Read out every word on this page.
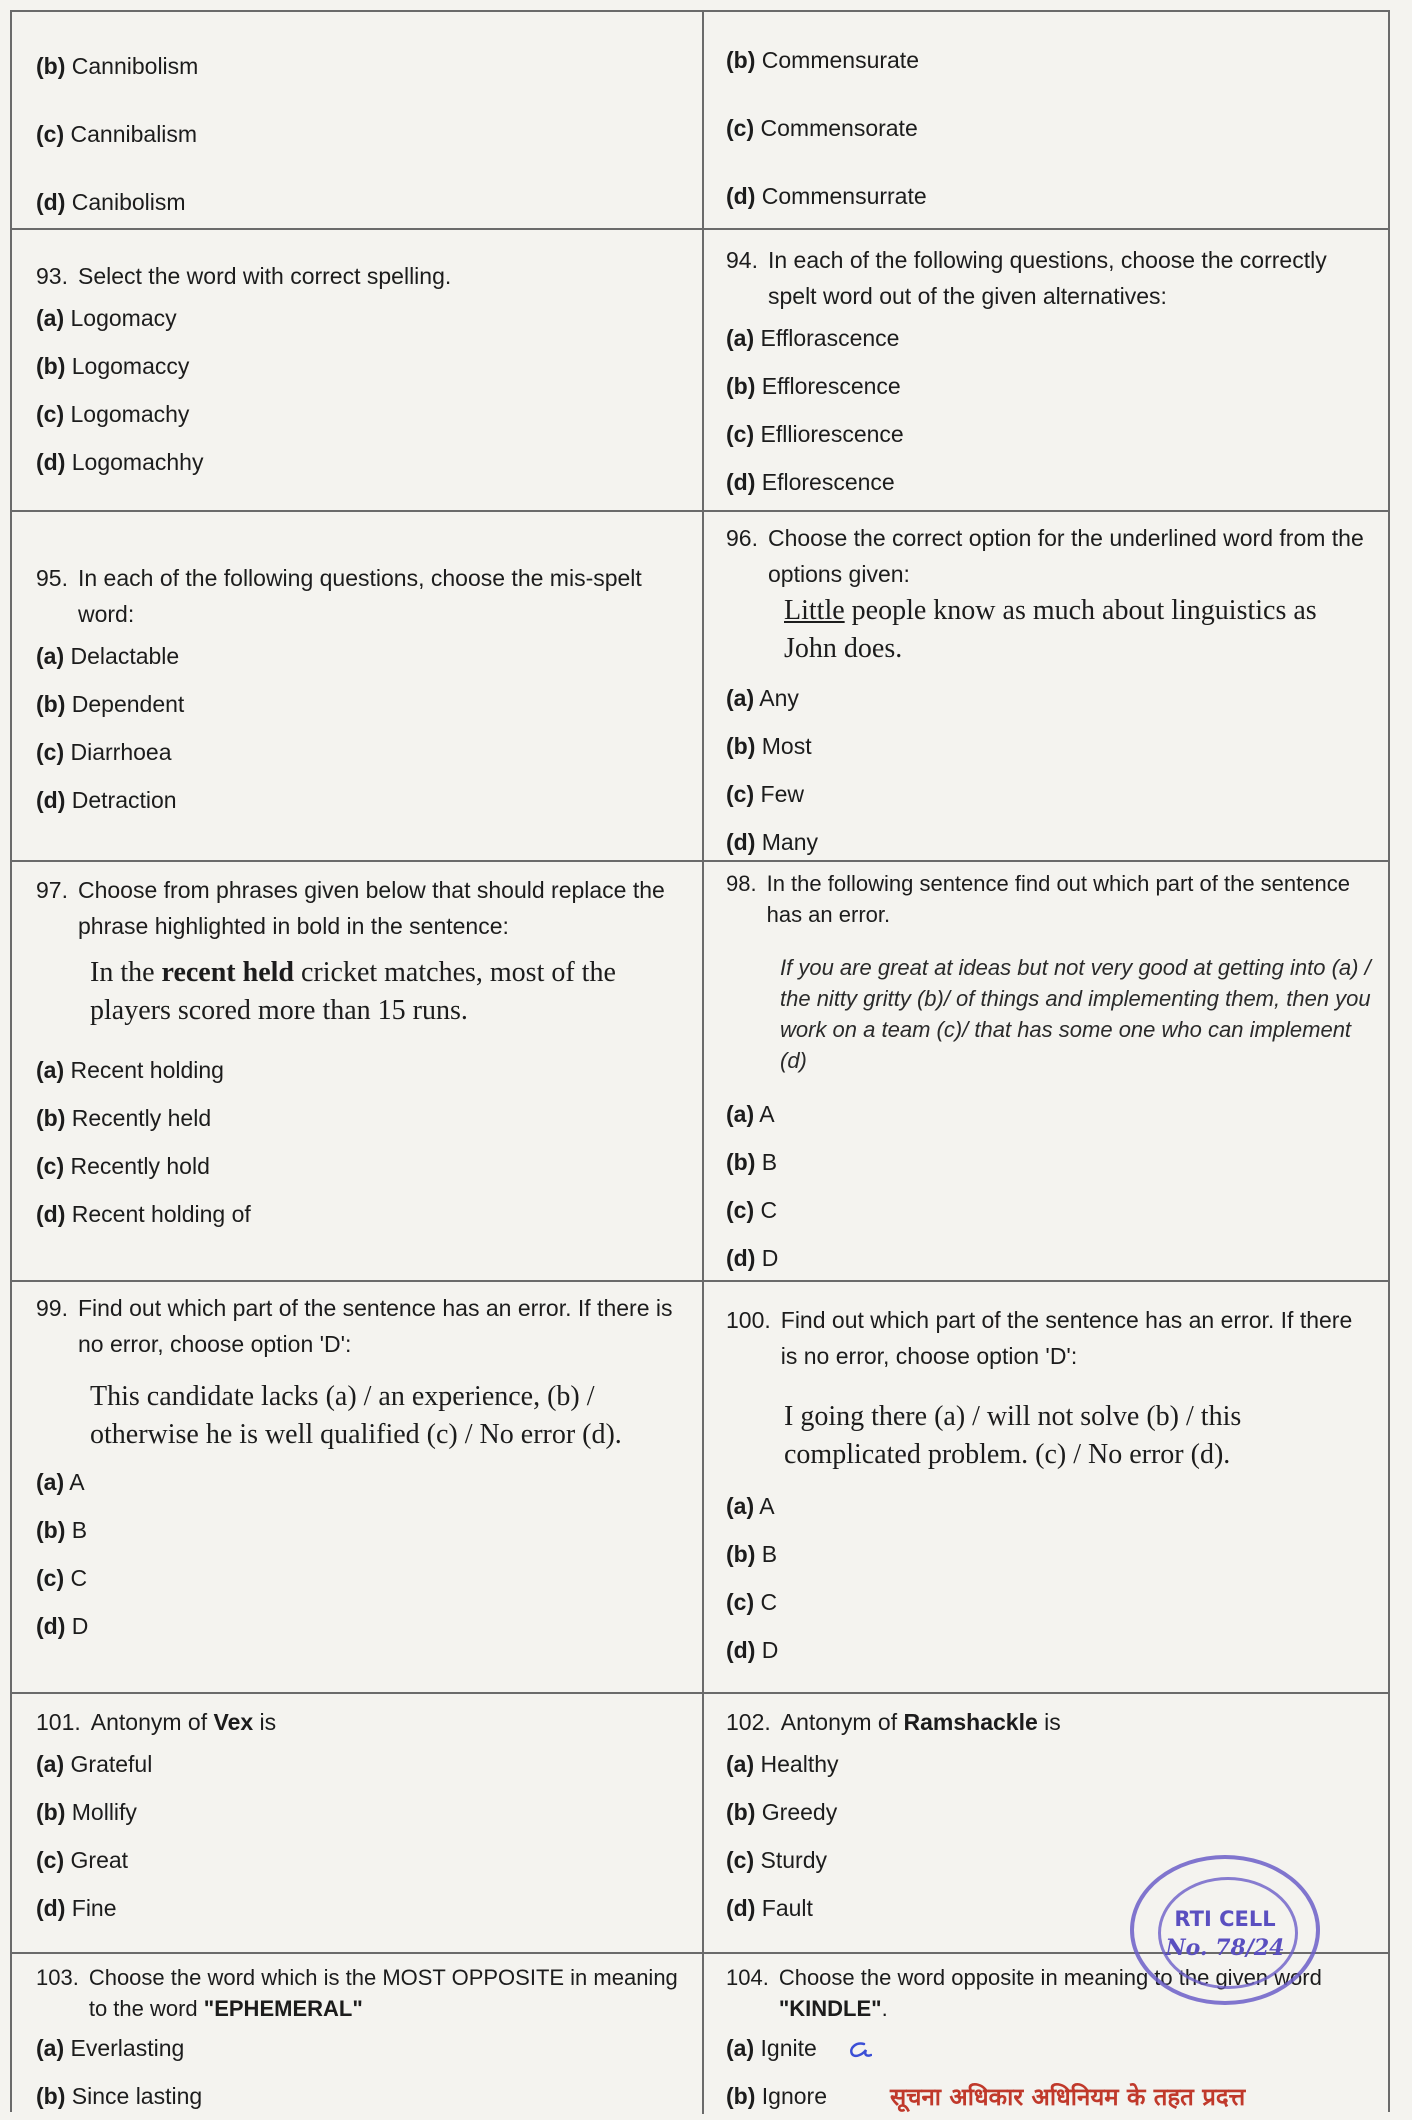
(b) Cannibolism
(c) Cannibalism
(d) Canibolism
(b) Commensurate
(c) Commensorate
(d) Commensurrate
93. Select the word with correct spelling.
(a) Logomacy
(b) Logomaccy
(c) Logomachy
(d) Logomachhy
94. In each of the following questions, choose the correctly spelt word out of the given alternatives:
(a) Efflorascence
(b) Efflorescence
(c) Eflliorescence
(d) Eflorescence
95. In each of the following questions, choose the mis-spelt word:
(a) Delactable
(b) Dependent
(c) Diarrhoea
(d) Detraction
96. Choose the correct option for the underlined word from the options given:
Little people know as much about linguistics as John does.
(a) Any
(b) Most
(c) Few
(d) Many
97. Choose from phrases given below that should replace the phrase highlighted in bold in the sentence:
In the recent held cricket matches, most of the players scored more than 15 runs.
(a) Recent holding
(b) Recently held
(c) Recently hold
(d) Recent holding of
98. In the following sentence find out which part of the sentence has an error.
If you are great at ideas but not very good at getting into (a) / the nitty gritty (b)/ of things and implementing them, then you work on a team (c)/ that has some one who can implement (d)
(a) A
(b) B
(c) C
(d) D
99. Find out which part of the sentence has an error. If there is no error, choose option 'D':
This candidate lacks (a) / an experience, (b) / otherwise he is well qualified (c) / No error (d).
(a) A
(b) B
(c) C
(d) D
100. Find out which part of the sentence has an error. If there is no error, choose option 'D':
I going there (a) / will not solve (b) / this complicated problem. (c) / No error (d).
(a) A
(b) B
(c) C
(d) D
101. Antonym of Vex is
(a) Grateful
(b) Mollify
(c) Great
(d) Fine
102. Antonym of Ramshackle is
(a) Healthy
(b) Greedy
(c) Sturdy
(d) Fault
103. Choose the word which is the MOST OPPOSITE in meaning to the word "EPHEMERAL"
(a) Everlasting
(b) Since lasting
104. Choose the word opposite in meaning to the given word "KINDLE".
(a) Ignite
(b) Ignore
RTI CELL
No. 78/24
सूचना अधिकार अधिनियम के तहत प्रदत्त
